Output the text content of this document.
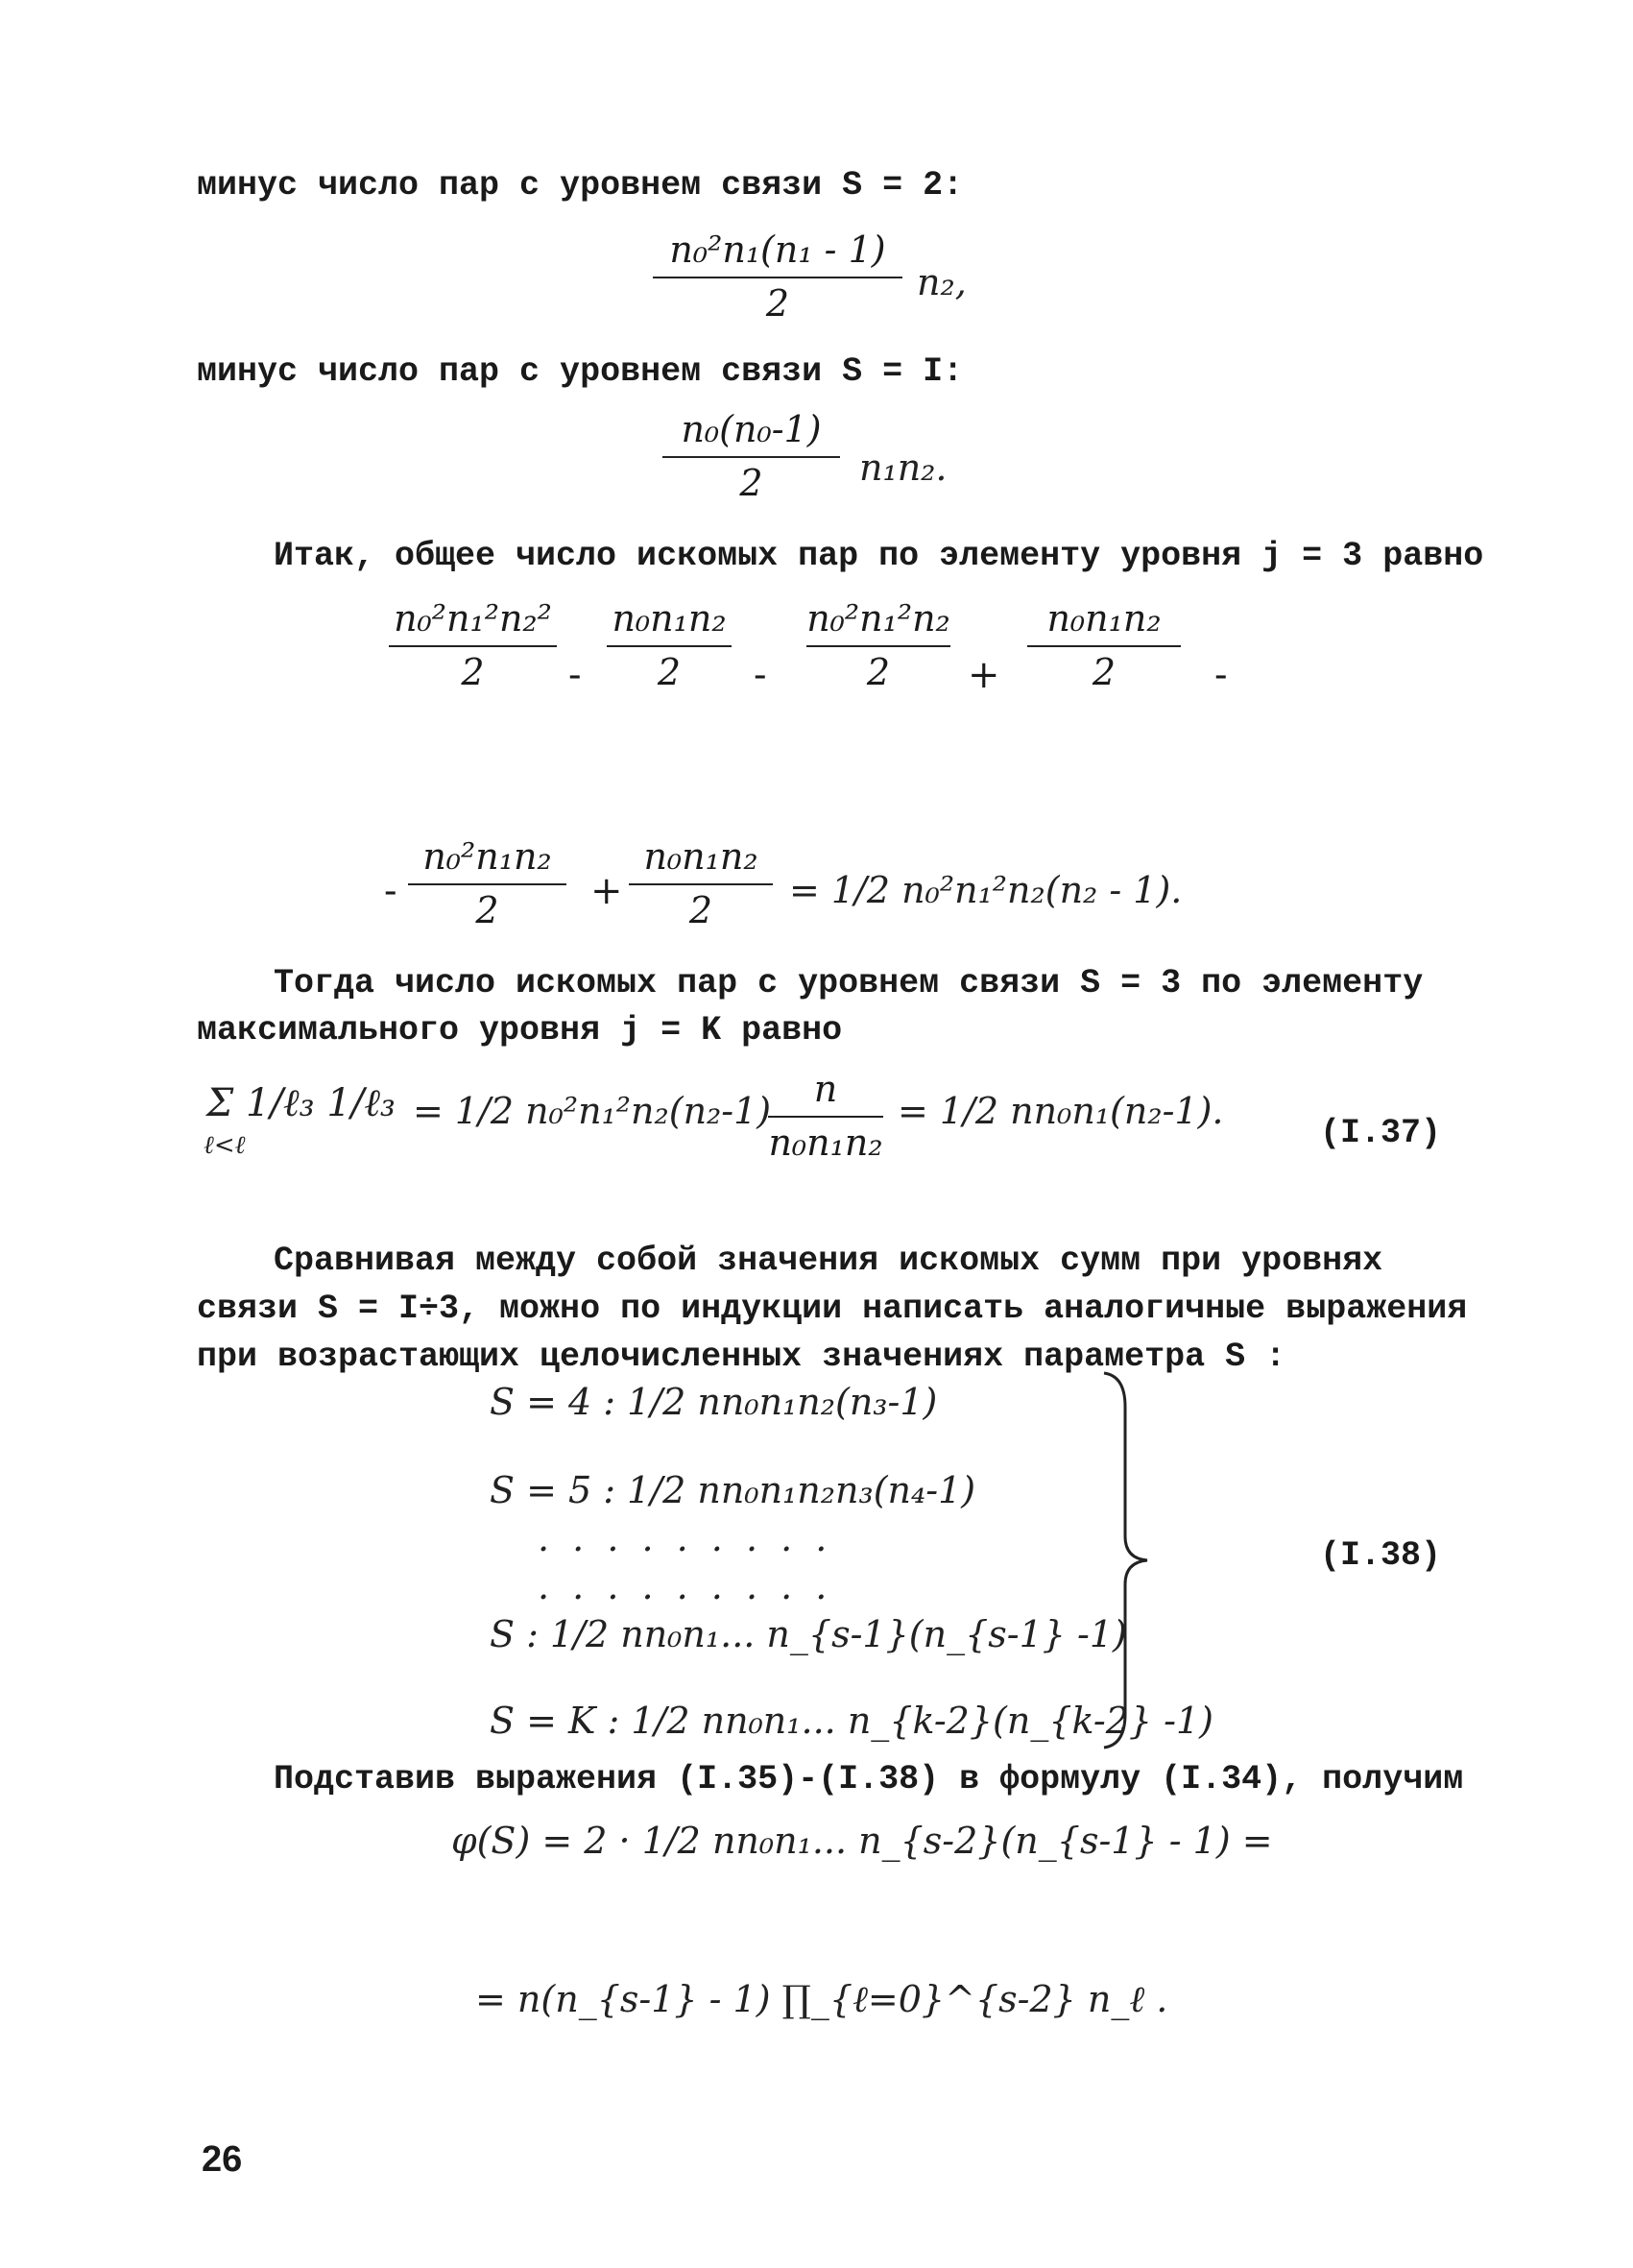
минус число пар с уровнем связи S = 2:
n₀²n₁(n₁ - 1)
2	n₂,
минус число пар с уровнем связи S = I:
n₀(n₀-1)
2	n₁n₂.
Итак, общее число искомых пар по элементу уровня j = 3 равно
n₀²n₁²n₂²
2 -
n₀n₁n₂
2 -
n₀²n₁²n₂
2 +
n₀n₁n₂
2	-
-
n₀²n₁n₂
2 +
n₀n₁n₂
2 = 1/2 n₀²n₁²n₂(n₂ - 1).
Тогда число искомых пар с уровнем связи S = 3 по элементу
максимального уровня j = K равно
Σ 1/ℓ₃ 1/ℓ₃
ℓ<ℓ
= 1/2 n₀²n₁²n₂(n₂-1)
n
n₀n₁n₂
= 1/2 nn₀n₁(n₂-1).
(I.37)
Сравнивая между собой значения искомых сумм при уровнях
связи S = I÷3, можно по индукции написать аналогичные выражения
при возрастающих целочисленных значениях параметра S :
S = 4 : 1/2 nn₀n₁n₂(n₃-1)
S = 5 : 1/2 nn₀n₁n₂n₃(n₄-1)
. . . . . . . . .
. . . . . . . . .
S : 1/2 nn₀n₁... n_{s-1}(n_{s-1} -1)
S = K : 1/2 nn₀n₁... n_{k-2}(n_{k-2} -1)
(I.38)
Подставив выражения (I.35)-(I.38) в формулу (I.34), получим
φ(S) = 2 · 1/2 nn₀n₁... n_{s-2}(n_{s-1} - 1) =
= n(n_{s-1} - 1) ∏_{ℓ=0}^{s-2} n_ℓ .
26
